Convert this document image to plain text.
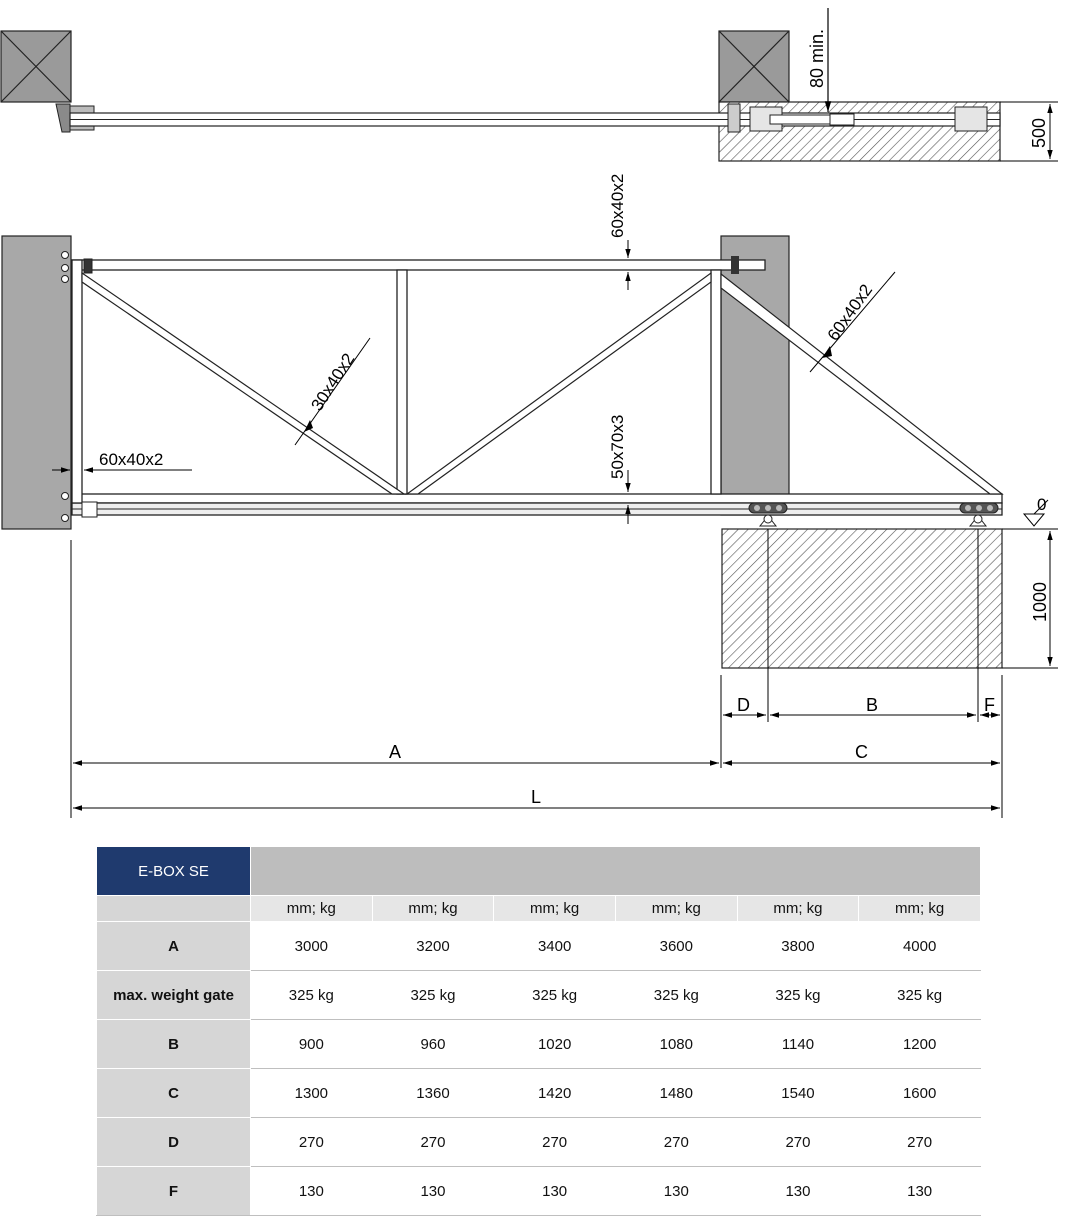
80 min.
500
1000
0
60x40x2
50x70x3
30x40x2
60x40x2
60x40x2
D	B	F
A	C
L
E-BOX SE						
	mm; kg	mm; kg	mm; kg	mm; kg	mm; kg	mm; kg
A	3000	3200	3400	3600	3800	4000
max. weight gate	325 kg	325 kg	325 kg	325 kg	325 kg	325 kg
B	900	960	1020	1080	1140	1200
C	1300	1360	1420	1480	1540	1600
D	270	270	270	270	270	270
F	130	130	130	130	130	130
